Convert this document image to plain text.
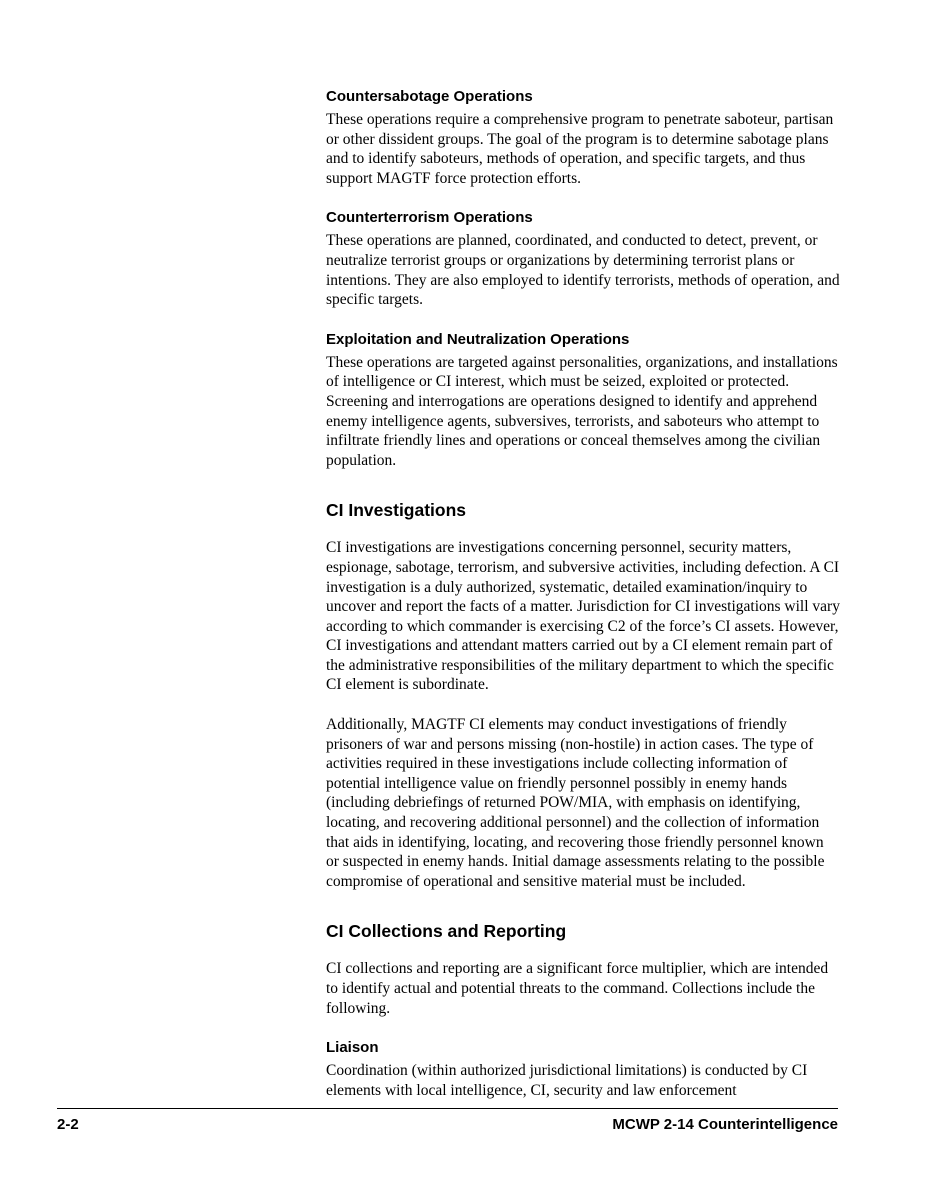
Countersabotage Operations

These operations require a comprehensive program to penetrate saboteur, partisan or other dissident groups. The goal of the program is to determine sabotage plans and to identify saboteurs, methods of operation, and specific targets, and thus support MAGTF force protection efforts.

Counterterrorism Operations

These operations are planned, coordinated, and conducted to detect, prevent, or neutralize terrorist groups or organizations by determining terrorist plans or intentions. They are also employed to identify terrorists, methods of operation, and specific targets.

Exploitation and Neutralization Operations

These operations are targeted against personalities, organizations, and installations of intelligence or CI interest, which must be seized, exploited or protected. Screening and interrogations are operations designed to identify and apprehend enemy intelligence agents, subversives, terrorists, and saboteurs who attempt to infiltrate friendly lines and operations or conceal themselves among the civilian population.

CI Investigations

CI investigations are investigations concerning personnel, security matters, espionage, sabotage, terrorism, and subversive activities, including defection. A CI investigation is a duly authorized, systematic, detailed examination/inquiry to uncover and report the facts of a matter. Jurisdiction for CI investigations will vary according to which commander is exercising C2 of the force’s CI assets. However, CI investigations and attendant matters carried out by a CI element remain part of the administrative responsibilities of the military department to which the specific CI element is subordinate.

Additionally, MAGTF CI elements may conduct investigations of friendly prisoners of war and persons missing (non-hostile) in action cases. The type of activities required in these investigations include collecting information of potential intelligence value on friendly personnel possibly in enemy hands (including debriefings of returned POW/MIA, with emphasis on identifying, locating, and recovering additional personnel) and the collection of information that aids in identifying, locating, and recovering those friendly personnel known or suspected in enemy hands. Initial damage assessments relating to the possible compromise of operational and sensitive material must be included.

CI Collections and Reporting

CI collections and reporting are a significant force multiplier, which are intended to identify actual and potential threats to the command. Collections include the following.

Liaison

Coordination (within authorized jurisdictional limitations) is conducted by CI elements with local intelligence, CI, security and law enforcement

2-2	MCWP 2-14 Counterintelligence
